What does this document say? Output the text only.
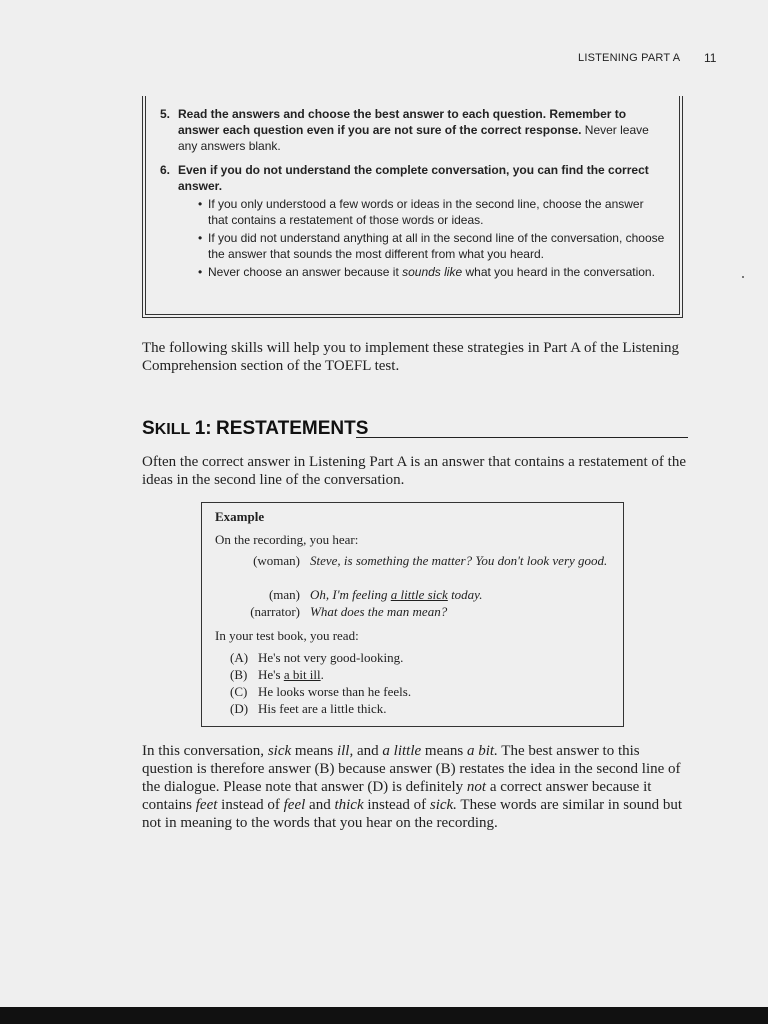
LISTENING PART A 11
5. Read the answers and choose the best answer to each question. Remember to answer each question even if you are not sure of the correct response. Never leave any answers blank.
6. Even if you do not understand the complete conversation, you can find the correct answer.
• If you only understood a few words or ideas in the second line, choose the answer that contains a restatement of those words or ideas.
• If you did not understand anything at all in the second line of the conversation, choose the answer that sounds the most different from what you heard.
• Never choose an answer because it sounds like what you heard in the conversation.
The following skills will help you to implement these strategies in Part A of the Listening Comprehension section of the TOEFL test.
SKILL 1: RESTATEMENTS
Often the correct answer in Listening Part A is an answer that contains a restatement of the ideas in the second line of the conversation.
Example
On the recording, you hear:
(woman) Steve, is something the matter? You don't look very good.
(man) Oh, I'm feeling a little sick today.
(narrator) What does the man mean?
In your test book, you read:
(A) He's not very good-looking.
(B) He's a bit ill.
(C) He looks worse than he feels.
(D) His feet are a little thick.
In this conversation, sick means ill, and a little means a bit. The best answer to this question is therefore answer (B) because answer (B) restates the idea in the second line of the dialogue. Please note that answer (D) is definitely not a correct answer because it contains feet instead of feel and thick instead of sick. These words are similar in sound but not in meaning to the words that you hear on the recording.
